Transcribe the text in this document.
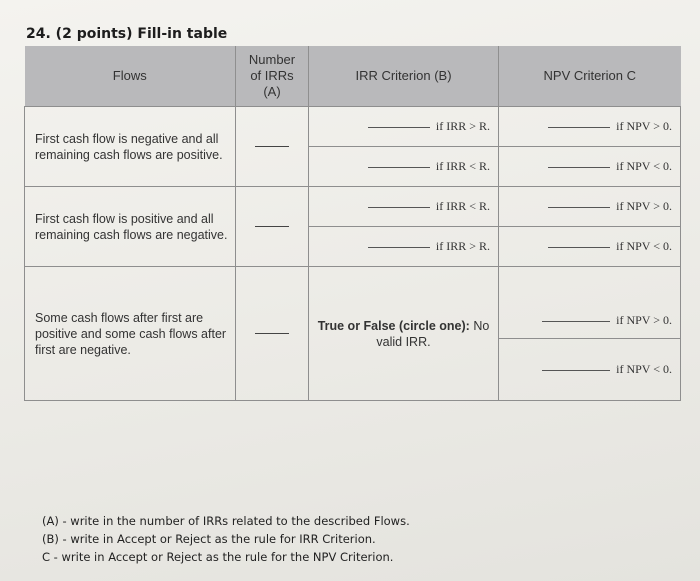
24. (2 points) Fill-in table
Flows	Number
of IRRs
(A)	IRR Criterion (B)	NPV Criterion C

First cash flow is negative and all remaining cash flows are positive.		if IRR > R.	if NPV > 0.
		if IRR < R.	if NPV < 0.

First cash flow is positive and all remaining cash flows are negative.		if IRR < R.	if NPV > 0.
		if IRR > R.	if NPV < 0.

Some cash flows after first are positive and some cash flows after first are negative.		True or False (circle one): No valid IRR.	if NPV > 0.
			if NPV < 0.
(A) - write in the number of IRRs related to the described Flows.
(B) - write in Accept or Reject as the rule for IRR Criterion.
C - write in Accept or Reject as the rule for the NPV Criterion.
